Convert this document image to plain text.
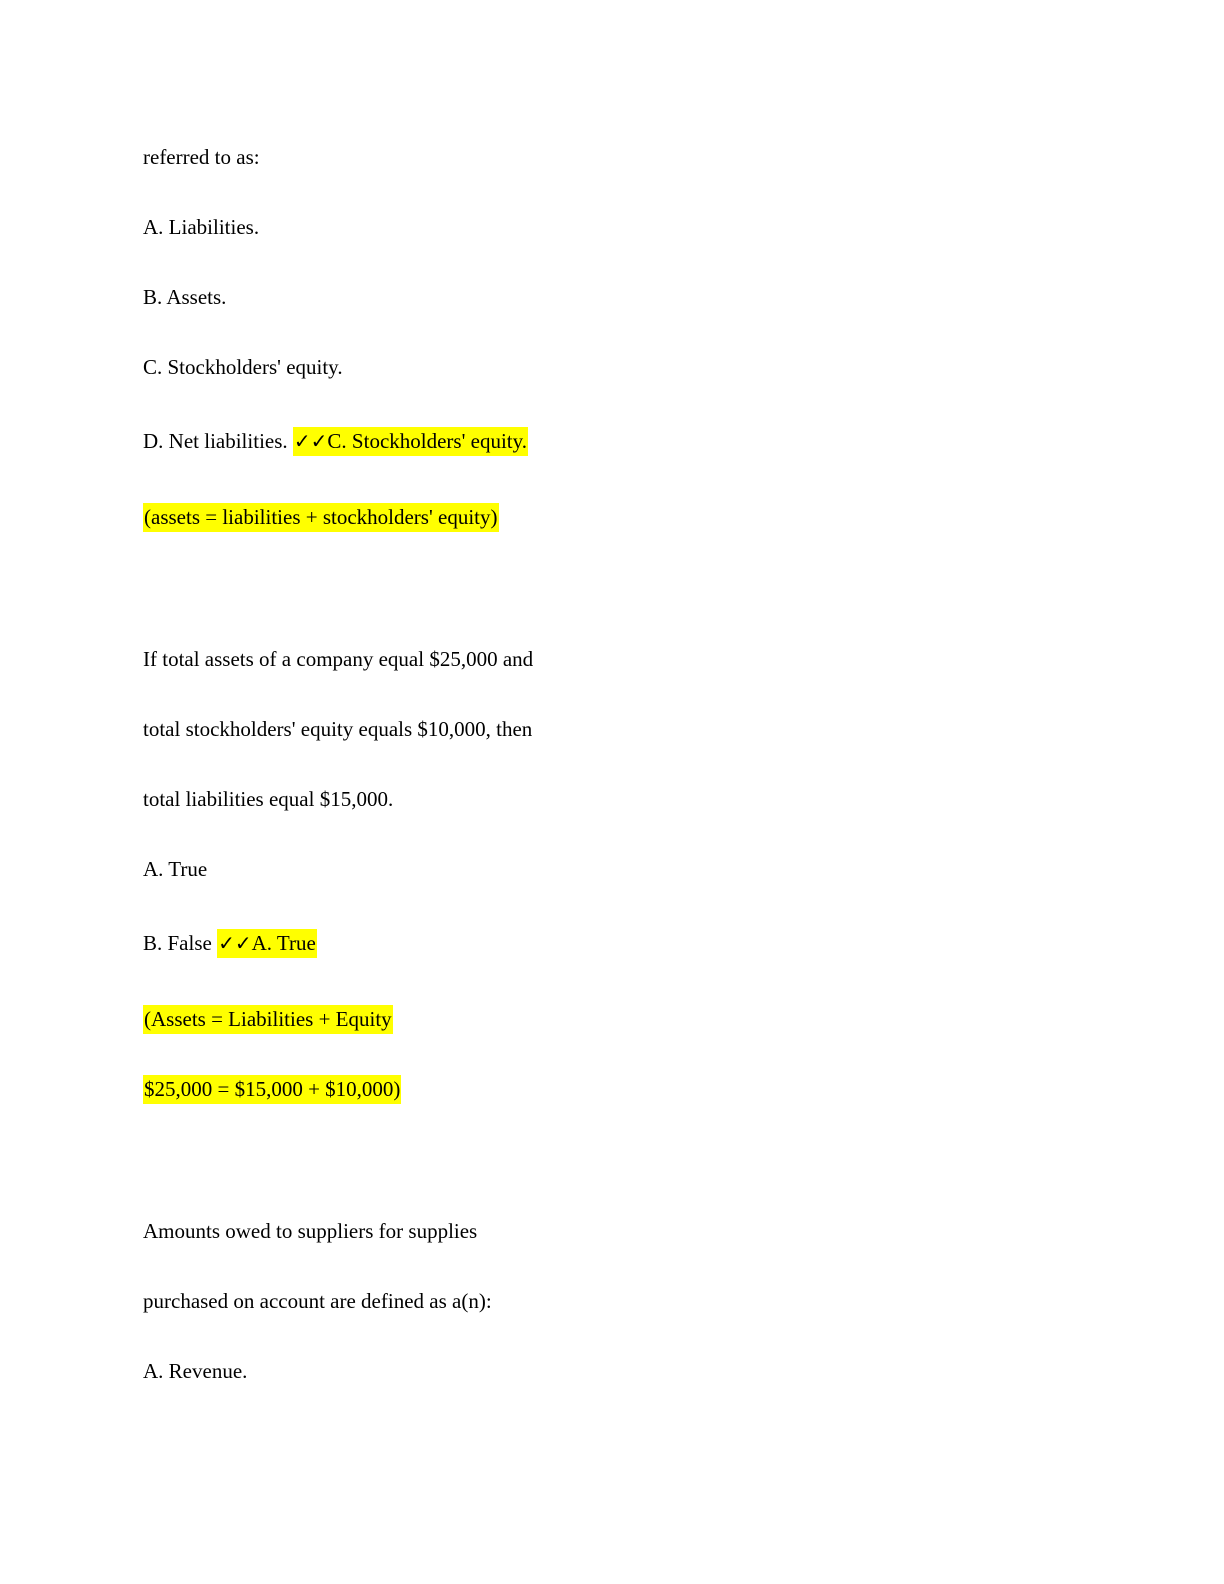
referred to as:
A. Liabilities.
B. Assets.
C. Stockholders' equity.
D. Net liabilities. ✓✓C. Stockholders' equity.
(assets = liabilities + stockholders' equity)
If total assets of a company equal $25,000 and
total stockholders' equity equals $10,000, then
total liabilities equal $15,000.
A. True
B. False ✓✓A. True
(Assets = Liabilities + Equity
$25,000 = $15,000 + $10,000)
Amounts owed to suppliers for supplies
purchased on account are defined as a(n):
A. Revenue.
